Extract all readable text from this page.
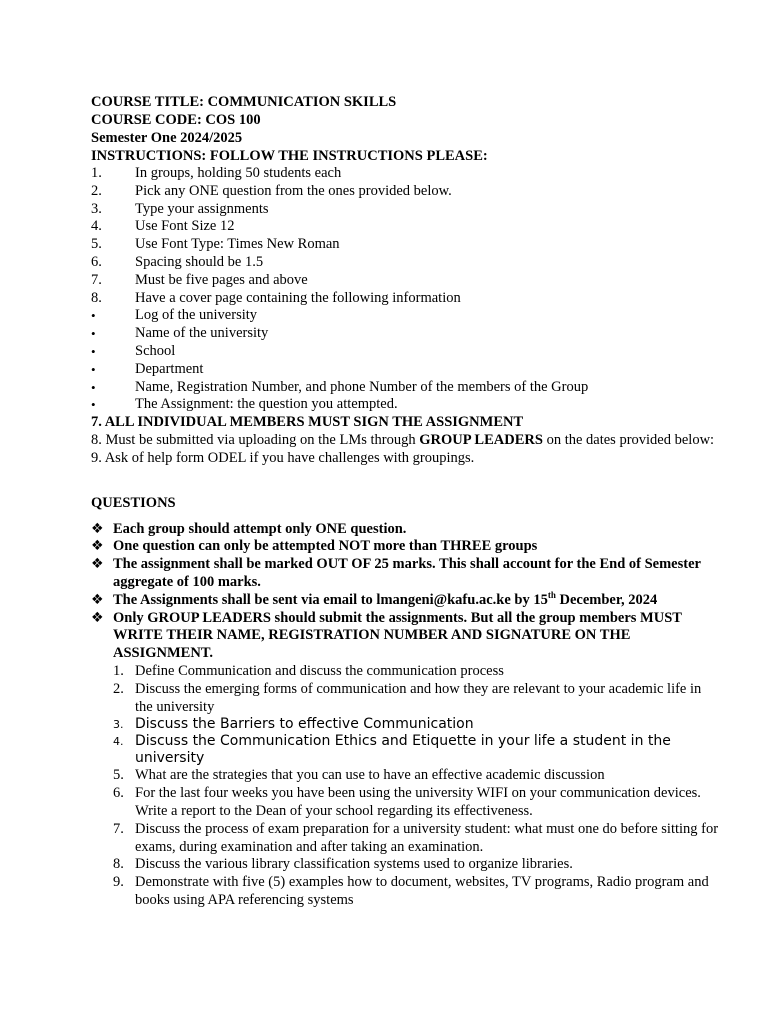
COURSE TITLE: COMMUNICATION SKILLS
COURSE CODE: COS 100
Semester One 2024/2025
INSTRUCTIONS: FOLLOW THE INSTRUCTIONS PLEASE:
1.	In groups, holding 50 students each
2.	Pick any ONE question from the ones provided below.
3.	Type your assignments
4.	Use Font Size 12
5.	Use Font Type: Times New Roman
6.	Spacing should be 1.5
7.	Must be five pages and above
8.	Have a cover page containing the following information
•	Log of the university
•	Name of the university
•	School
•	Department
•	Name, Registration Number, and phone Number of the members of the Group
•	The Assignment: the question you attempted.
7. ALL INDIVIDUAL MEMBERS MUST SIGN THE ASSIGNMENT
8. Must be submitted via uploading on the LMs through GROUP LEADERS on the dates provided below:
9. Ask of help form ODEL if you have challenges with groupings.
QUESTIONS
❖ Each group should attempt only ONE question.
❖ One question can only be attempted NOT more than THREE groups
❖ The assignment shall be marked OUT OF 25 marks. This shall account for the End of Semester aggregate of 100 marks.
❖ The Assignments shall be sent via email to lmangeni@kafu.ac.ke by 15th December, 2024
❖ Only GROUP LEADERS should submit the assignments. But all the group members MUST WRITE THEIR NAME, REGISTRATION NUMBER AND SIGNATURE ON THE ASSIGNMENT.
1. Define Communication and discuss the communication process
2. Discuss the emerging forms of communication and how they are relevant to your academic life in the university
3. Discuss the Barriers to effective Communication
4. Discuss the Communication Ethics and Etiquette in your life a student in the university
5. What are the strategies that you can use to have an effective academic discussion
6. For the last four weeks you have been using the university WIFI on your communication devices. Write a report to the Dean of your school regarding its effectiveness.
7. Discuss the process of exam preparation for a university student: what must one do before sitting for exams, during examination and after taking an examination.
8. Discuss the various library classification systems used to organize libraries.
9. Demonstrate with five (5) examples how to document, websites, TV programs, Radio program and books using APA referencing systems
